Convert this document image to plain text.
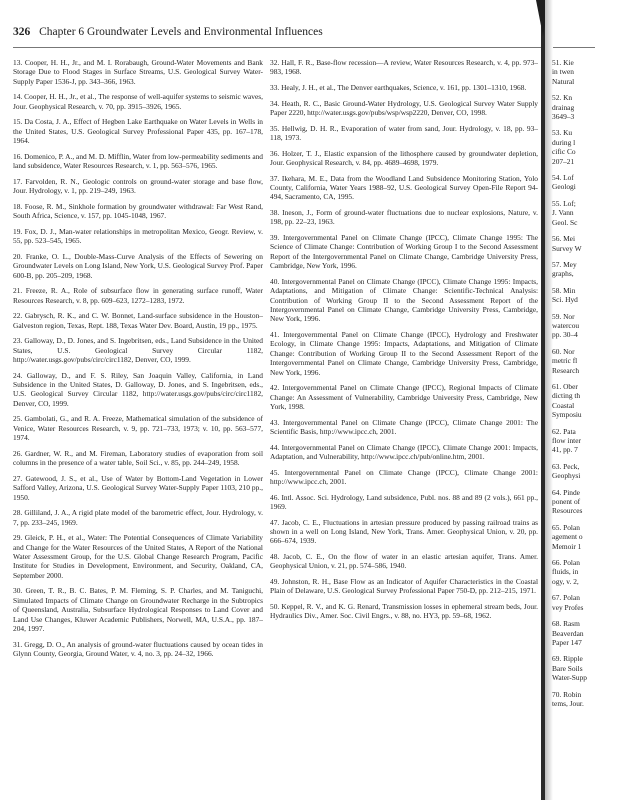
326 Chapter 6 Groundwater Levels and Environmental Influences
13. Cooper, H. H., Jr., and M. I. Rorabaugh, Ground-Water Movements and Bank Storage Due to Flood Stages in Surface Streams, U.S. Geological Survey Water-Supply Paper 1536-J, pp. 343–366, 1963.
14. Cooper, H. H., Jr., et al., The response of well-aquifer systems to seismic waves, Jour. Geophysical Research, v. 70, pp. 3915–3926, 1965.
15. Da Costa, J. A., Effect of Hegben Lake Earthquake on Water Levels in Wells in the United States, U.S. Geological Survey Professional Paper 435, pp. 167–178, 1964.
16. Domenico, P. A., and M. D. Mifflin, Water from low-permeability sediments and land subsidence, Water Resources Research, v. 1, pp. 563–576, 1965.
17. Farvolden, R. N., Geologic controls on ground-water storage and base flow, Jour. Hydrology, v. 1, pp. 219–249, 1963.
18. Foose, R. M., Sinkhole formation by groundwater withdrawal: Far West Rand, South Africa, Science, v. 157, pp. 1045-1048, 1967.
19. Fox, D. J., Man-water relationships in metropolitan Mexico, Geogr. Review, v. 55, pp. 523–545, 1965.
20. Franke, O. L., Double-Mass-Curve Analysis of the Effects of Sewering on Groundwater Levels on Long Island, New York, U.S. Geological Survey Prof. Paper 600-B, pp. 205–209, 1968.
21. Freeze, R. A., Role of subsurface flow in generating surface runoff, Water Resources Research, v. 8, pp. 609–623, 1272–1283, 1972.
22. Gabrysch, R. K., and C. W. Bonnet, Land-surface subsidence in the Houston–Galveston region, Texas, Rept. 188, Texas Water Dev. Board, Austin, 19 pp., 1975.
23. Galloway, D., D. Jones, and S. Ingebritsen, eds., Land Subsidence in the United States, U.S. Geological Survey Circular 1182, http://water.usgs.gov/pubs/circ/circ1182, Denver, CO, 1999.
24. Galloway, D., and F. S. Riley, San Joaquin Valley, California, in Land Subsidence in the United States, D. Galloway, D. Jones, and S. Ingebritsen, eds., U.S. Geological Survey Circular 1182, http://water.usgs.gov/pubs/circ/circ1182, Denver, CO, 1999.
25. Gambolati, G., and R. A. Freeze, Mathematical simulation of the subsidence of Venice, Water Resources Research, v. 9, pp. 721–733, 1973; v. 10, pp. 563–577, 1974.
26. Gardner, W. R., and M. Fireman, Laboratory studies of evaporation from soil columns in the presence of a water table, Soil Sci., v. 85, pp. 244–249, 1958.
27. Gatewood, J. S., et al., Use of Water by Bottom-Land Vegetation in Lower Safford Valley, Arizona, U.S. Geological Survey Water-Supply Paper 1103, 210 pp., 1950.
28. Gilliland, J. A., A rigid plate model of the barometric effect, Jour. Hydrology, v. 7, pp. 233–245, 1969.
29. Gleick, P. H., et al., Water: The Potential Consequences of Climate Variability and Change for the Water Resources of the United States, A Report of the National Water Assessment Group, for the U.S. Global Change Research Program, Pacific Institute for Studies in Development, Environment, and Security, Oakland, CA, September 2000.
30. Green, T. R., B. C. Bates, P. M. Fleming, S. P. Charles, and M. Taniguchi, Simulated Impacts of Climate Change on Groundwater Recharge in the Subtropics of Queensland, Australia, Subsurface Hydrological Responses to Land Cover and Land Use Changes, Kluwer Academic Publishers, Norwell, MA, U.S.A., pp. 187–204, 1997.
31. Gregg, D. O., An analysis of ground-water fluctuations caused by ocean tides in Glynn County, Georgia, Ground Water, v. 4, no. 3, pp. 24–32, 1966.
32. Hall, F. R., Base-flow recession—A review, Water Resources Research, v. 4, pp. 973–983, 1968.
33. Healy, J. H., et al., The Denver earthquakes, Science, v. 161, pp. 1301–1310, 1968.
34. Heath, R. C., Basic Ground-Water Hydrology, U.S. Geological Survey Water Supply Paper 2220, http://water.usgs.gov/pubs/wsp/wsp2220, Denver, CO, 1998.
35. Hellwig, D. H. R., Evaporation of water from sand, Jour. Hydrology, v. 18, pp. 93–118, 1973.
36. Holzer, T. J., Elastic expansion of the lithosphere caused by groundwater depletion, Jour. Geophysical Research, v. 84, pp. 4689–4698, 1979.
37. Ikehara, M. E., Data from the Woodland Land Subsidence Monitoring Station, Yolo County, California, Water Years 1988–92, U.S. Geological Survey Open-File Report 94-494, Sacramento, CA, 1995.
38. Ineson, J., Form of ground-water fluctuations due to nuclear explosions, Nature, v. 198, pp. 22–23, 1963.
39. Intergovernmental Panel on Climate Change (IPCC), Climate Change 1995: The Science of Climate Change: Contribution of Working Group I to the Second Assessment Report of the Intergovernmental Panel on Climate Change, Cambridge University Press, Cambridge, New York, 1996.
40. Intergovernmental Panel on Climate Change (IPCC), Climate Change 1995: Impacts, Adaptations, and Mitigation of Climate Change: Scientific-Technical Analysis: Contribution of Working Group II to the Second Assessment Report of the Intergovernmental Panel on Climate Change, Cambridge University Press, Cambridge, New York, 1996.
41. Intergovernmental Panel on Climate Change (IPCC), Hydrology and Freshwater Ecology, in Climate Change 1995: Impacts, Adaptations, and Mitigation of Climate Change: Contribution of Working Group II to the Second Assessment Report of the Intergovernmental Panel on Climate Change, Cambridge University Press, Cambridge, New York, 1996.
42. Intergovernmental Panel on Climate Change (IPCC), Regional Impacts of Climate Change: An Assessment of Vulnerability, Cambridge University Press, Cambridge, New York, 1998.
43. Intergovernmental Panel on Climate Change (IPCC), Climate Change 2001: The Scientific Basis, http://www.ipcc.ch, 2001.
44. Intergovernmental Panel on Climate Change (IPCC), Climate Change 2001: Impacts, Adaptation, and Vulnerability, http://www.ipcc.ch/pub/online.htm, 2001.
45. Intergovernmental Panel on Climate Change (IPCC), Climate Change 2001: http://www.ipcc.ch, 2001.
46. Intl. Assoc. Sci. Hydrology, Land subsidence, Publ. nos. 88 and 89 (2 vols.), 661 pp., 1969.
47. Jacob, C. E., Fluctuations in artesian pressure produced by passing railroad trains as shown in a well on Long Island, New York, Trans. Amer. Geophysical Union, v. 20, pp. 666–674, 1939.
48. Jacob, C. E., On the flow of water in an elastic artesian aquifer, Trans. Amer. Geophysical Union, v. 21, pp. 574–586, 1940.
49. Johnston, R. H., Base Flow as an Indicator of Aquifer Characteristics in the Coastal Plain of Delaware, U.S. Geological Survey Professional Paper 750-D, pp. 212–215, 1971.
50. Keppel, R. V., and K. G. Renard, Transmission losses in ephemeral stream beds, Jour. Hydraulics Div., Amer. Soc. Civil Engrs., v. 88, no. HY3, pp. 59–68, 1962.
51. Kie
in twen
Natural
52. Kn
drainag
3649–3
53. Ku
during l
cific Co
207–21
54. Lof
Geologi
55. Lof;
J. Vann
Geol. Sc
56. Mei
Survey W
57. Mey
graphs,
58. Min
Sci. Hyd
59. Nor
watercou
pp. 30–4
60. Nor
metric fl
Research
61. Ober
dicting th
Coastal
Symposiu
62. Pata
flow inter
41, pp. 7
63. Peck,
Geophysi
64. Pinde
ponent of
Resources
65. Polan
agement o
Memoir 1
66. Polan
fluids, in
ogy, v. 2,
67. Polan
vey Profes
68. Rasm
Beaverdan
Paper 147
69. Ripple
Bare Soils
Water-Supp
70. Robin
tems, Jour.
